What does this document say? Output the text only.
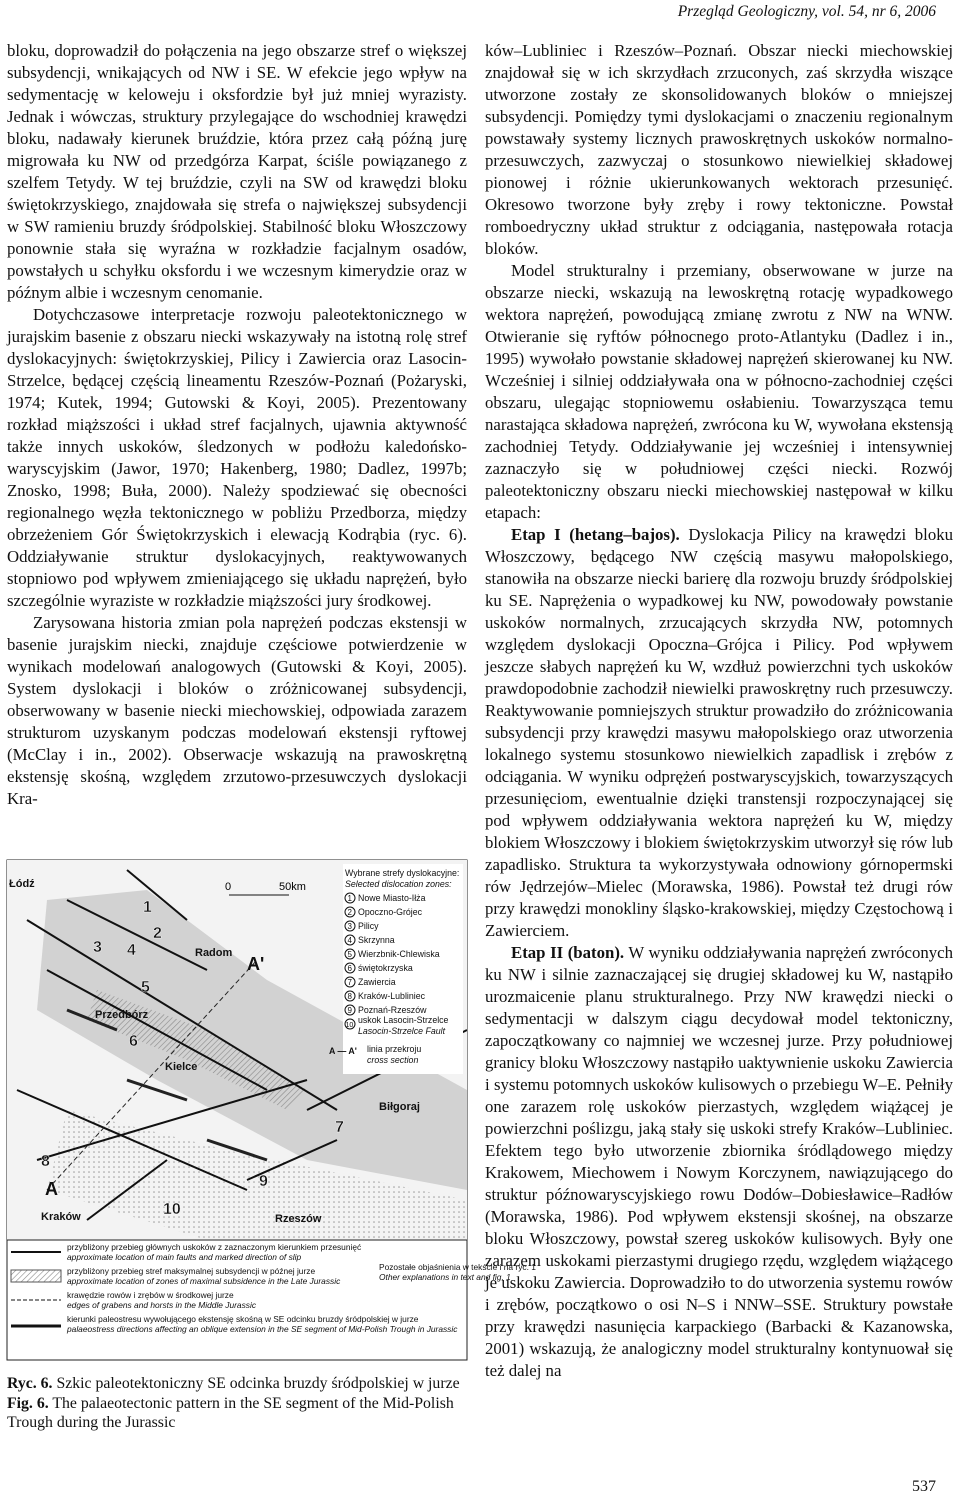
Przegląd Geologiczny, vol. 54, nr 6, 2006

bloku, doprowadził do połączenia na jego obszarze stref o większej subsydencji, wnikających od NW i SE. W efekcie jego wpływ na sedymentację w keloweju i oksfordzie był już mniej wyrazisty. Jednak i wówczas, struktury przylegające do wschodniej krawędzi bloku, nadawały kierunek bruździe, która przez całą późną jurę migrowała ku NW od przedgórza Karpat, ściśle powiązanego z szelfem Tetydy. W tej bruździe, czyli na SW od krawędzi bloku świętokrzyskiego, znajdowała się strefa o największej subsydencji w SW ramieniu bruzdy śródpolskiej. Stabilność bloku Włoszczowy ponownie stała się wyraźna w rozkładzie facjalnym osadów, powstałych u schyłku oksfordu i we wczesnym kimerydzie oraz w późnym albie i wczesnym cenomanie.

Dotychczasowe interpretacje rozwoju paleotektonicznego w jurajskim basenie z obszaru niecki wskazywały na istotną rolę stref dyslokacyjnych: świętokrzyskiej, Pilicy i Zawiercia oraz Lasocin-Strzelce, będącej częścią lineamentu Rzeszów-Poznań (Pożaryski, 1974; Kutek, 1994; Gutowski & Koyi, 2005). Prezentowany rozkład miąższości i układ stref facjalnych, ujawnia aktywność także innych uskoków, śledzonych w podłożu kaledońsko-waryscyjskim (Jawor, 1970; Hakenberg, 1980; Dadlez, 1997b; Znosko, 1998; Buła, 2000). Należy spodziewać się obecności regionalnego węzła tektonicznego w pobliżu Przedborza, między obrzeżeniem Gór Świętokrzyskich i elewacją Kodrąbia (ryc. 6). Oddziaływanie struktur dyslokacyjnych, reaktywowanych stopniowo pod wpływem zmieniającego się układu naprężeń, było szczególnie wyraziste w rozkładzie miąższości jury środkowej.

Zarysowana historia zmian pola naprężeń podczas ekstensji w basenie jurajskim niecki, znajduje częściowe potwierdzenie w wynikach modelowań analogowych (Gutowski & Koyi, 2005). System dyslokacji i bloków o zróżnicowanej subsydencji, obserwowany w basenie niecki miechowskiej, odpowiada zarazem strukturom uzyskanym podczas modelowań ekstensji ryftowej (McClay i in., 2002). Obserwacje wskazują na prawoskrętną ekstensję skośną, względem zrzutowo-przesuwczych dyslokacji Kra-

ków–Lubliniec i Rzeszów–Poznań. Obszar niecki miechowskiej znajdował się w ich skrzydłach zrzuconych, zaś skrzydła wiszące utworzone zostały ze skonsolidowanych bloków o mniejszej subsydencji. Pomiędzy tymi dyslokacjami o znaczeniu regionalnym powstawały systemy licznych prawoskrętnych uskoków normalno-przesuwczych, zazwyczaj o stosunkowo niewielkiej składowej pionowej i różnie ukierunkowanych wektorach przesunięć. Okresowo tworzone były zręby i rowy tektoniczne. Powstał romboedryczny układ struktur z odciągania, następowała rotacja bloków.

Model strukturalny i przemiany, obserwowane w jurze na obszarze niecki, wskazują na lewoskrętną rotację wypadkowego wektora naprężeń, powodującą zmianę zwrotu z NW na WNW. Otwieranie się ryftów północnego proto-Atlantyku (Dadlez i in., 1995) wywołało powstanie składowej naprężeń skierowanej ku NW. Wcześniej i silniej oddziaływała ona w północno-zachodniej części obszaru, ulegając stopniowemu osłabieniu. Towarzysząca temu narastająca składowa naprężeń, zwrócona ku W, wywołana ekstensją zachodniej Tetydy. Oddziaływanie jej wcześniej i intensywniej zaznaczyło się w południowej części niecki. Rozwój paleotektoniczny obszaru niecki miechowskiej następował w kilku etapach:

Etap I (hetang–bajos). Dyslokacja Pilicy na krawędzi bloku Włoszczowy, będącego NW częścią masywu małopolskiego, stanowiła na obszarze niecki barierę dla rozwoju bruzdy śródpolskiej ku SE. Naprężenia o wypadkowej ku NW, powodowały powstanie uskoków normalnych, zrzucających skrzydła NW, potomnych względem dyslokacji Opoczna–Grójca i Pilicy. Pod wpływem jeszcze słabych naprężeń ku W, wzdłuż powierzchni tych uskoków prawdopodobnie zachodził niewielki prawoskrętny ruch przesuwczy. Reaktywowanie pomniejszych struktur prowadziło do zróżnicowania subsydencji przy krawędzi masywu małopolskiego oraz utworzenia lokalnego systemu stosunkowo niewielkich zapadlisk i zrębów z odciągania. W wyniku odprężeń postwaryscyjskich, towarzyszących przesunięciom, ewentualnie dzięki transtensji rozpoczynającej się pod wpływem oddziaływania wektora naprężeń ku W, między blokiem Włoszczowy i blokiem świętokrzyskim utworzył się rów lub zapadlisko. Struktura ta wykorzystywała odnowiony górnopermski rów Jędrzejów–Mielec (Morawska, 1986). Powstał też drugi rów przy krawędzi monokliny śląsko-krakowskiej, między Częstochową i Zawierciem.

Etap II (baton). W wyniku oddziaływania naprężeń zwróconych ku NW i silnie zaznaczającej się drugiej składowej ku W, nastąpiło urozmaicenie planu strukturalnego. Przy NW krawędzi niecki o sedymentacji w dalszym ciągu decydował model tektoniczny, zapoczątkowany co najmniej we wczesnej jurze. Przy południowej granicy bloku Włoszczowy nastąpiło uaktywnienie uskoku Zawiercia i systemu potomnych uskoków kulisowych o przebiegu W–E. Pełniły one zarazem rolę uskoków pierzastych, względem wiążącej je powierzchni poślizgu, jaką stały się uskoki strefy Kraków–Lubliniec. Efektem tego było utworzenie zbiornika śródlądowego między Krakowem, Miechowem i Nowym Korczynem, nawiązującego do struktur późnowaryscyjskiego rowu Dodów–Dobiesławice–Radłów (Morawska, 1986). Pod wpływem ekstensji skośnej, na obszarze bloku Włoszczowy, powstał szereg uskoków kulisowych. Były one zarazem uskokami pierzastymi drugiego rzędu, względem wiążącego je uskoku Zawiercia. Doprowadziło to do utworzenia systemu rowów i zrębów, początkowo o osi N–S i NNW–SSE. Struktury powstałe przy krawędzi nasunięcia karpackiego (Barbacki & Kazanowska, 2001) wskazują, że analogiczny model strukturalny kontynuował się też dalej na

0	50km
Łódź
Radom
Przedbórz
Kielce
Biłgoraj
Kraków	Rzeszów
A
A'
1
2
3 4
5
6
7
8
9
10
Wybrane strefy dyslokacyjne:
Selected dislocation zones:
1 Nowe Miasto-Iłża
2 Opoczno-Grójec
3 Pilicy
4 Skrzynna
5 Wierzbnik-Chlewiska
6 świętokrzyska
7 Zawiercia
8 Kraków-Lubliniec
9 Poznań-Rzeszów
10
uskok Lasocin-Strzelce
Lasocin-Strzelce Fault
A — A' linia przekroju
cross section
przybliżony przebieg głównych uskoków z zaznaczonym kierunkiem przesunięć
approximate location of main faults and marked direction of slip
przybliżony przebieg stref maksymalnej subsydencji w późnej jurze
approximate location of zones of maximal subsidence in the Late Jurassic
krawędzie rowów i zrębów w środkowej jurze
edges of grabens and horsts in the Middle Jurassic
kierunki paleostresu wywołującego ekstensję skośną w SE odcinku bruzdy śródpolskiej w jurze
palaeostress directions affecting an oblique extension in the SE segment of Mid-Polish Trough in Jurassic
Pozostałe objaśnienia w tekście i na ryc. 1
Other explanations in text and fig. 1
Ryc. 6. Szkic paleotektoniczny SE odcinka bruzdy śródpolskiej w jurze
Fig. 6. The palaeotectonic pattern in the SE segment of the Mid-Polish Trough during the Jurassic
537
